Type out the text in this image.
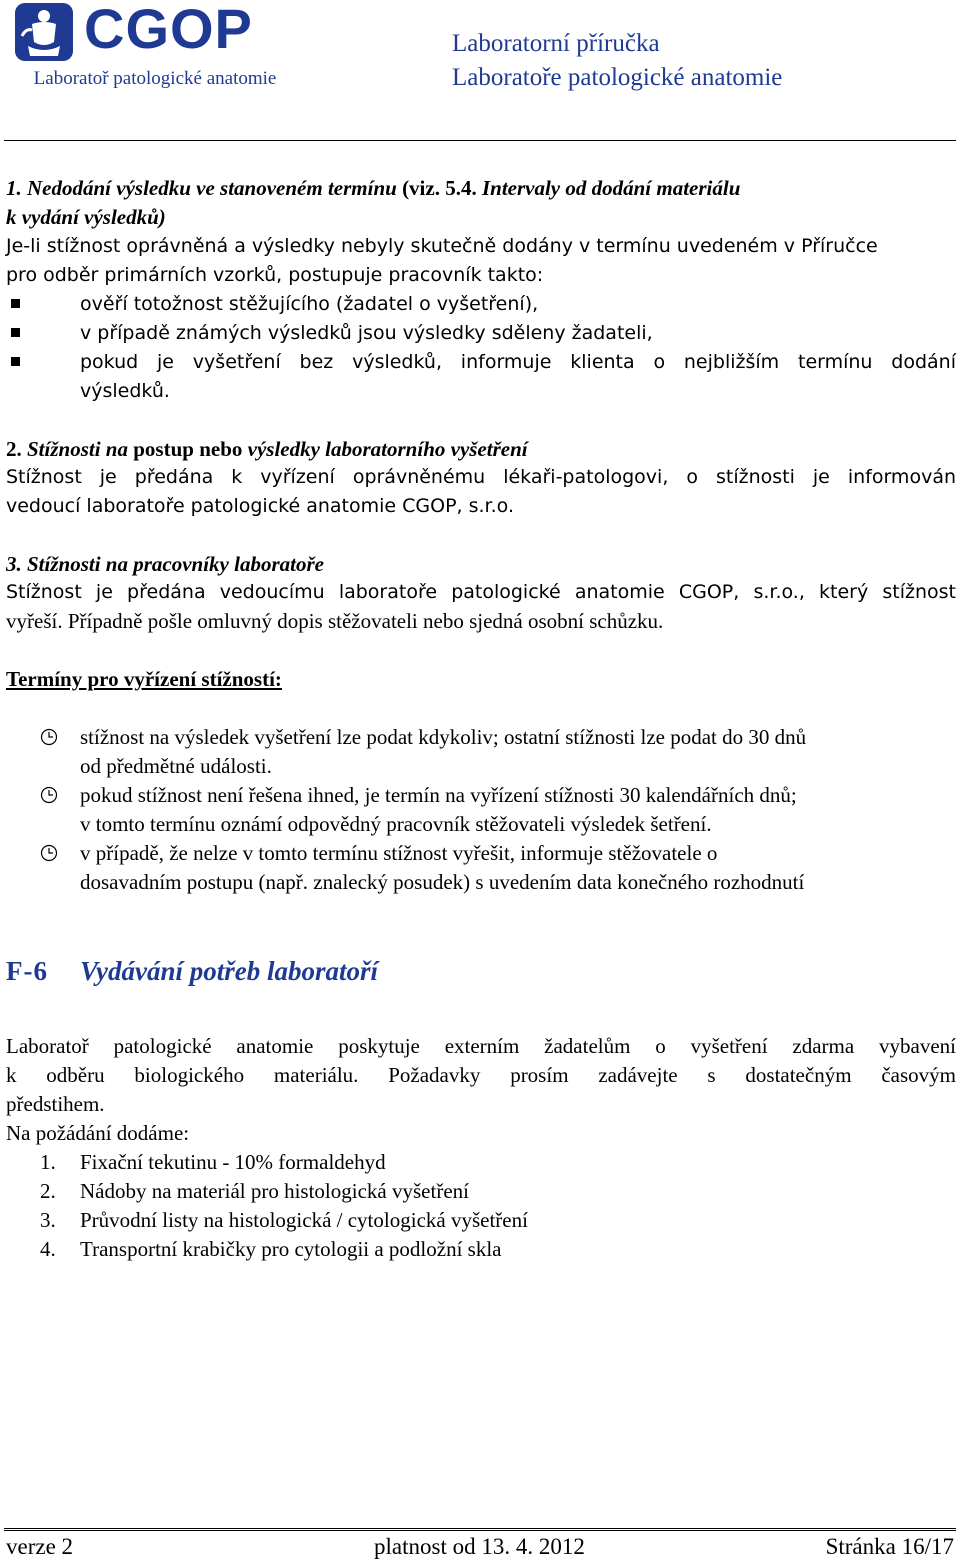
CGOP
Laboratoř patologické anatomie
Laboratorní příručka
Laboratoře patologické anatomie
1. Nedodání výsledku ve stanoveném termínu (viz. 5.4. Intervaly od dodání materiálu
k vydání výsledků)
Je-li stížnost oprávněná a výsledky nebyly skutečně dodány v termínu uvedeném v Příručce
pro odběr primárních vzorků, postupuje pracovník takto:
ověří totožnost stěžujícího (žadatel o vyšetření),
v případě známých výsledků jsou výsledky sděleny žadateli,
pokud je vyšetření bez výsledků, informuje klienta o nejbližším termínu dodání
výsledků.
2. Stížnosti na postup nebo výsledky laboratorního vyšetření
Stížnost je předána k vyřízení oprávněnému lékaři-patologovi, o stížnosti je informován
vedoucí laboratoře patologické anatomie CGOP, s.r.o.
3. Stížnosti na pracovníky laboratoře
Stížnost je předána vedoucímu laboratoře patologické anatomie CGOP, s.r.o., který stížnost
vyřeší. Případně pošle omluvný dopis stěžovateli nebo sjedná osobní schůzku.
Termíny pro vyřízení stížností:
stížnost na výsledek vyšetření lze podat kdykoliv; ostatní stížnosti lze podat do 30 dnů
od předmětné události.
pokud stížnost není řešena ihned, je termín na vyřízení stížnosti 30 kalendářních dnů;
v tomto termínu oznámí odpovědný pracovník stěžovateli výsledek šetření.
v případě, že nelze v tomto termínu stížnost vyřešit, informuje stěžovatele o
dosavadním postupu (např. znalecký posudek) s uvedením data konečného rozhodnutí
F-6 Vydávání potřeb laboratoří
Laboratoř patologické anatomie poskytuje externím žadatelům o vyšetření zdarma vybavení
k odběru biologického materiálu. Požadavky prosím zadávejte s dostatečným časovým
předstihem.
Na požádání dodáme:
1.	Fixační tekutinu - 10% formaldehyd
2.	Nádoby na materiál pro histologická vyšetření
3.	Průvodní listy na histologická / cytologická vyšetření
4.	Transportní krabičky pro cytologii a podložní skla
verze 2	platnost od 13. 4. 2012	Stránka 16/17
